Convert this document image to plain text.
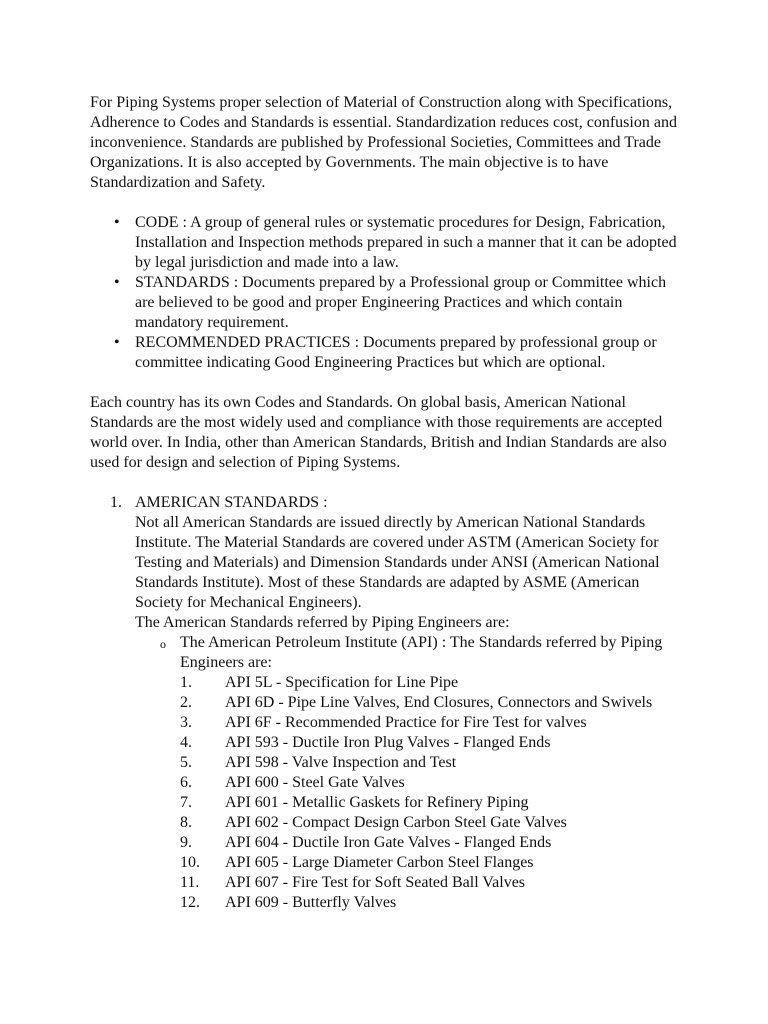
For Piping Systems proper selection of Material of Construction along with Specifications, Adherence to Codes and Standards is essential. Standardization reduces cost, confusion and inconvenience. Standards are published by Professional Societies, Committees and Trade Organizations. It is also accepted by Governments. The main objective is to have Standardization and Safety.

• CODE : A group of general rules or systematic procedures for Design, Fabrication, Installation and Inspection methods prepared in such a manner that it can be adopted by legal jurisdiction and made into a law.
• STANDARDS : Documents prepared by a Professional group or Committee which are believed to be good and proper Engineering Practices and which contain mandatory requirement.
• RECOMMENDED PRACTICES : Documents prepared by professional group or committee indicating Good Engineering Practices but which are optional.

Each country has its own Codes and Standards. On global basis, American National Standards are the most widely used and compliance with those requirements are accepted world over. In India, other than American Standards, British and Indian Standards are also used for design and selection of Piping Systems.

1. AMERICAN STANDARDS :

Not all American Standards are issued directly by American National Standards Institute. The Material Standards are covered under ASTM (American Society for Testing and Materials) and Dimension Standards under ANSI (American National Standards Institute). Most of these Standards are adapted by ASME (American Society for Mechanical Engineers).

The American Standards referred by Piping Engineers are:

o The American Petroleum Institute (API) : The Standards referred by Piping Engineers are:

1.	API 5L - Specification for Line Pipe
2.	API 6D - Pipe Line Valves, End Closures, Connectors and Swivels
3.	API 6F - Recommended Practice for Fire Test for valves
4.	API 593 - Ductile Iron Plug Valves - Flanged Ends
5.	API 598 - Valve Inspection and Test
6.	API 600 - Steel Gate Valves
7.	API 601 - Metallic Gaskets for Refinery Piping
8.	API 602 - Compact Design Carbon Steel Gate Valves
9.	API 604 - Ductile Iron Gate Valves - Flanged Ends
10.	API 605 - Large Diameter Carbon Steel Flanges
11.	API 607 - Fire Test for Soft Seated Ball Valves
12.	API 609 - Butterfly Valves
